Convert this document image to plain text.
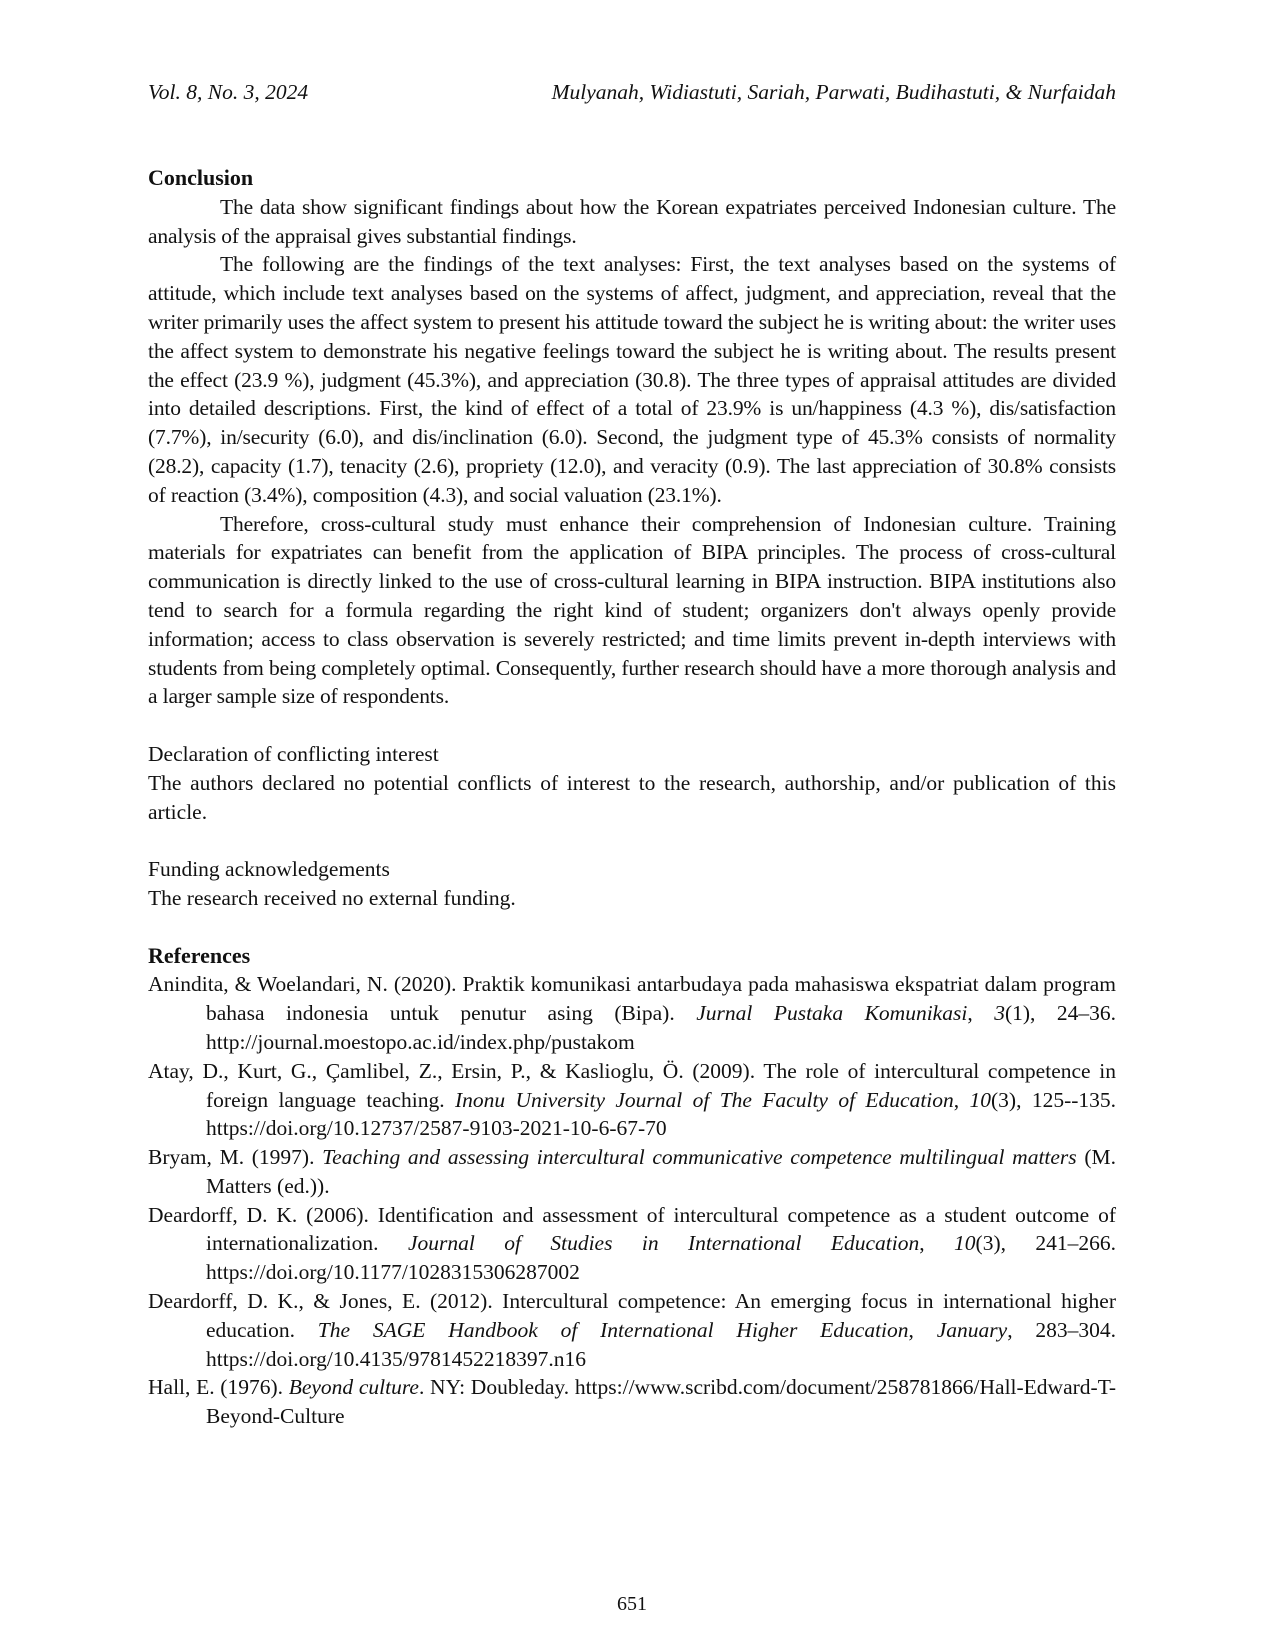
Vol. 8, No. 3, 2024	Mulyanah, Widiastuti, Sariah, Parwati, Budihastuti, & Nurfaidah
Conclusion

The data show significant findings about how the Korean expatriates perceived Indonesian culture. The analysis of the appraisal gives substantial findings.

The following are the findings of the text analyses: First, the text analyses based on the systems of attitude, which include text analyses based on the systems of affect, judgment, and appreciation, reveal that the writer primarily uses the affect system to present his attitude toward the subject he is writing about: the writer uses the affect system to demonstrate his negative feelings toward the subject he is writing about. The results present the effect (23.9 %), judgment (45.3%), and appreciation (30.8). The three types of appraisal attitudes are divided into detailed descriptions. First, the kind of effect of a total of 23.9% is un/happiness (4.3 %), dis/satisfaction (7.7%), in/security (6.0), and dis/inclination (6.0). Second, the judgment type of 45.3% consists of normality (28.2), capacity (1.7), tenacity (2.6), propriety (12.0), and veracity (0.9). The last appreciation of 30.8% consists of reaction (3.4%), composition (4.3), and social valuation (23.1%).

Therefore, cross-cultural study must enhance their comprehension of Indonesian culture. Training materials for expatriates can benefit from the application of BIPA principles. The process of cross-cultural communication is directly linked to the use of cross-cultural learning in BIPA instruction. BIPA institutions also tend to search for a formula regarding the right kind of student; organizers don't always openly provide information; access to class observation is severely restricted; and time limits prevent in-depth interviews with students from being completely optimal. Consequently, further research should have a more thorough analysis and a larger sample size of respondents.

Declaration of conflicting interest

The authors declared no potential conflicts of interest to the research, authorship, and/or publication of this article.

Funding acknowledgements

The research received no external funding.

References

Anindita, & Woelandari, N. (2020). Praktik komunikasi antarbudaya pada mahasiswa ekspatriat dalam program bahasa indonesia untuk penutur asing (Bipa). Jurnal Pustaka Komunikasi, 3(1), 24–36. http://journal.moestopo.ac.id/index.php/pustakom

Atay, D., Kurt, G., Çamlibel, Z., Ersin, P., & Kaslioglu, Ö. (2009). The role of intercultural competence in foreign language teaching. Inonu University Journal of The Faculty of Education, 10(3), 125--135. https://doi.org/10.12737/2587-9103-2021-10-6-67-70

Bryam, M. (1997). Teaching and assessing intercultural communicative competence multilingual matters (M. Matters (ed.)).

Deardorff, D. K. (2006). Identification and assessment of intercultural competence as a student outcome of internationalization. Journal of Studies in International Education, 10(3), 241–266. https://doi.org/10.1177/1028315306287002

Deardorff, D. K., & Jones, E. (2012). Intercultural competence: An emerging focus in international higher education. The SAGE Handbook of International Higher Education, January, 283–304. https://doi.org/10.4135/9781452218397.n16

Hall, E. (1976). Beyond culture. NY: Doubleday. https://www.scribd.com/document/258781866/Hall-Edward-T-Beyond-Culture

651
